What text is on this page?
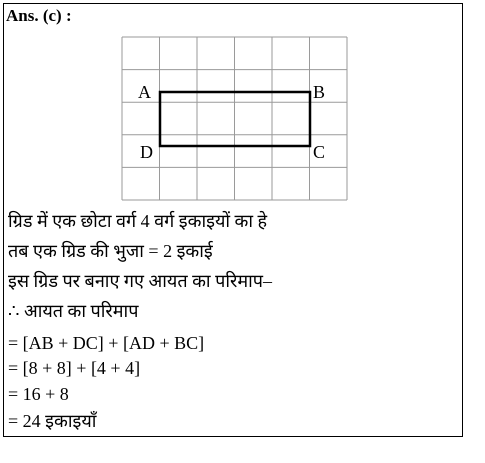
Ans. (c) :
A	B
C
D
ग्रिड में एक छोटा वर्ग 4 वर्ग इकाइयों का हे
तब एक ग्रिड की भुजा = 2 इकाई
इस ग्रिड पर बनाए गए आयत का परिमाप–
∴ आयत का परिमाप
= [AB + DC] + [AD + BC]
= [8 + 8] + [4 + 4]
= 16 + 8
= 24 इकाइयाँ
